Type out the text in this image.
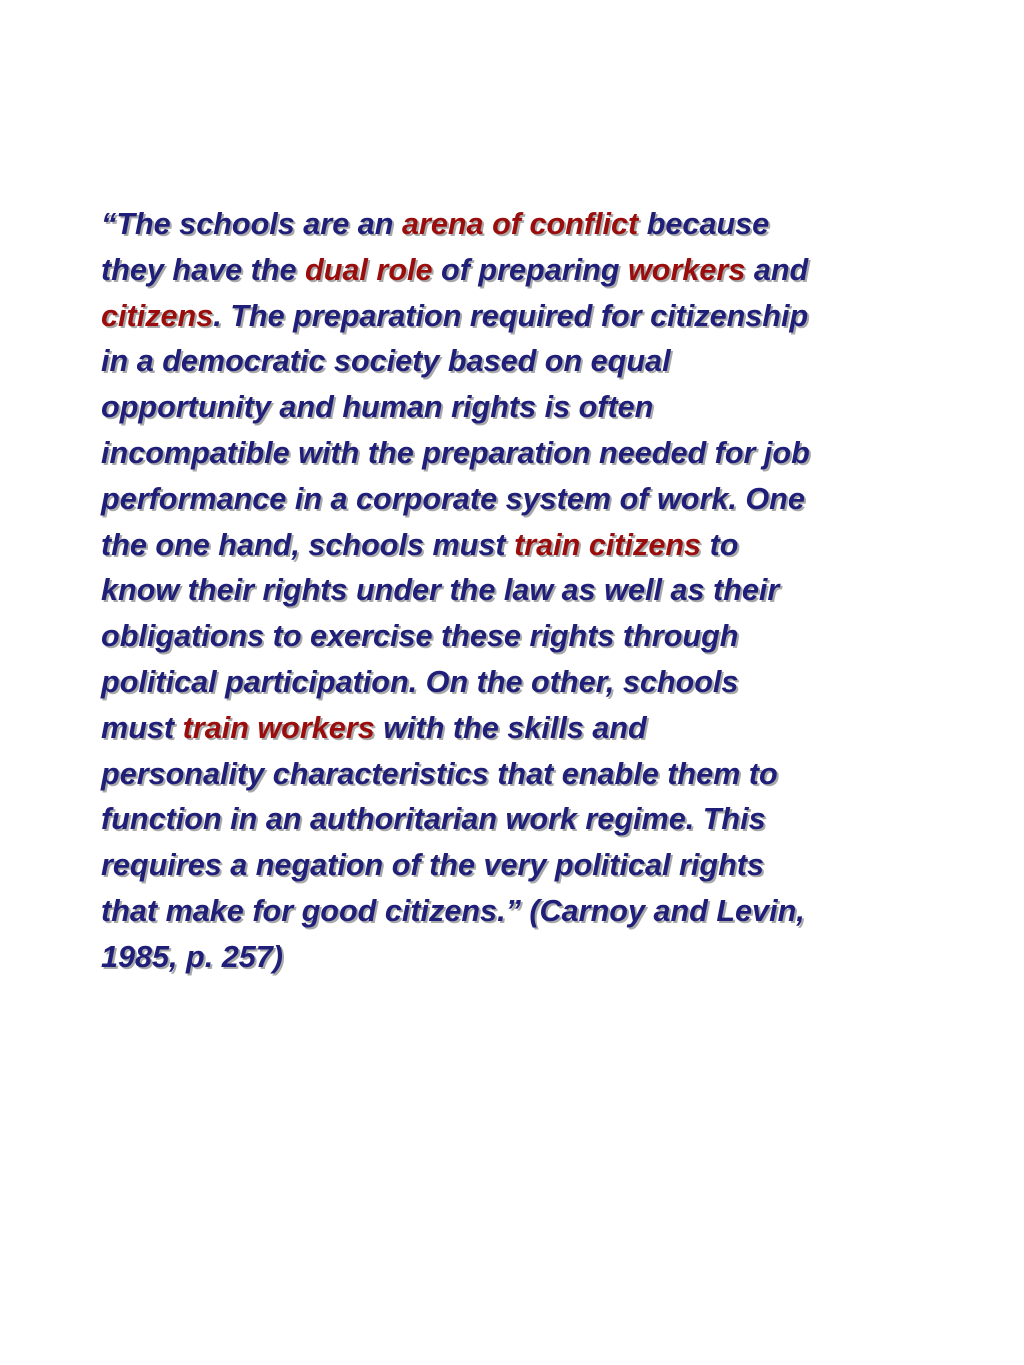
“The schools are an arena of conflict because
they have the dual role of preparing workers and
citizens. The preparation required for citizenship
in a democratic society based on equal
opportunity and human rights is often
incompatible with the preparation needed for job
performance in a corporate system of work. One
the one hand, schools must train citizens to
know their rights under the law as well as their
obligations to exercise these rights through
political participation. On the other, schools
must train workers with the skills and
personality characteristics that enable them to
function in an authoritarian work regime. This
requires a negation of the very political rights
that make for good citizens.” (Carnoy and Levin,
1985, p. 257)
